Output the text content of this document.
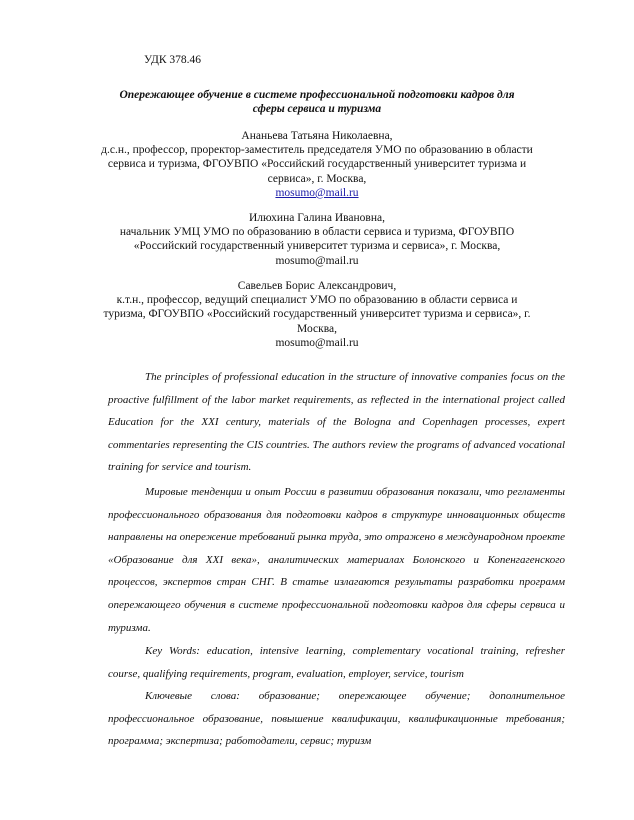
УДК 378.46
Опережающее обучение в системе профессиональной подготовки кадров для сферы сервиса и туризма

Ананьева Татьяна Николаевна,

д.с.н., профессор, проректор-заместитель председателя УМО по образованию в области сервиса и туризма, ФГОУВПО «Российский государственный университет туризма и сервиса», г. Москва,

mosumo@mail.ru

Илюхина Галина Ивановна,

начальник УМЦ УМО по образованию в области сервиса и туризма, ФГОУВПО «Российский государственный университет туризма и сервиса», г. Москва,

mosumo@mail.ru

Савельев Борис Александрович,

к.т.н., профессор, ведущий специалист УМО по образованию в области сервиса и туризма, ФГОУВПО «Российский государственный университет туризма и сервиса», г. Москва,

mosumo@mail.ru

The principles of professional education in the structure of innovative companies focus on the proactive fulfillment of the labor market requirements, as reflected in the international project called Education for the XXI century, materials of the Bologna and Copenhagen processes, expert commentaries representing the CIS countries. The authors review the programs of advanced vocational training for service and tourism.

Мировые тенденции и опыт России в развитии образования показали, что регламенты профессионального образования для подготовки кадров в структуре инновационных обществ направлены на опережение требований рынка труда, это отражено в международном проекте «Образование для XXI века», аналитических материалах Болонского и Копенгагенского процессов, экспертов стран СНГ. В статье излагаются результаты разработки программ опережающего обучения в системе профессиональной подготовки кадров для сферы сервиса и туризма.

Key Words: education, intensive learning, complementary vocational training, refresher course, qualifying requirements, program, evaluation, employer, service, tourism

Ключевые слова: образование; опережающее обучение; дополнительное профессиональное образование, повышение квалификации, квалификационные требования; программа; экспертиза; работодатели, сервис; туризм
